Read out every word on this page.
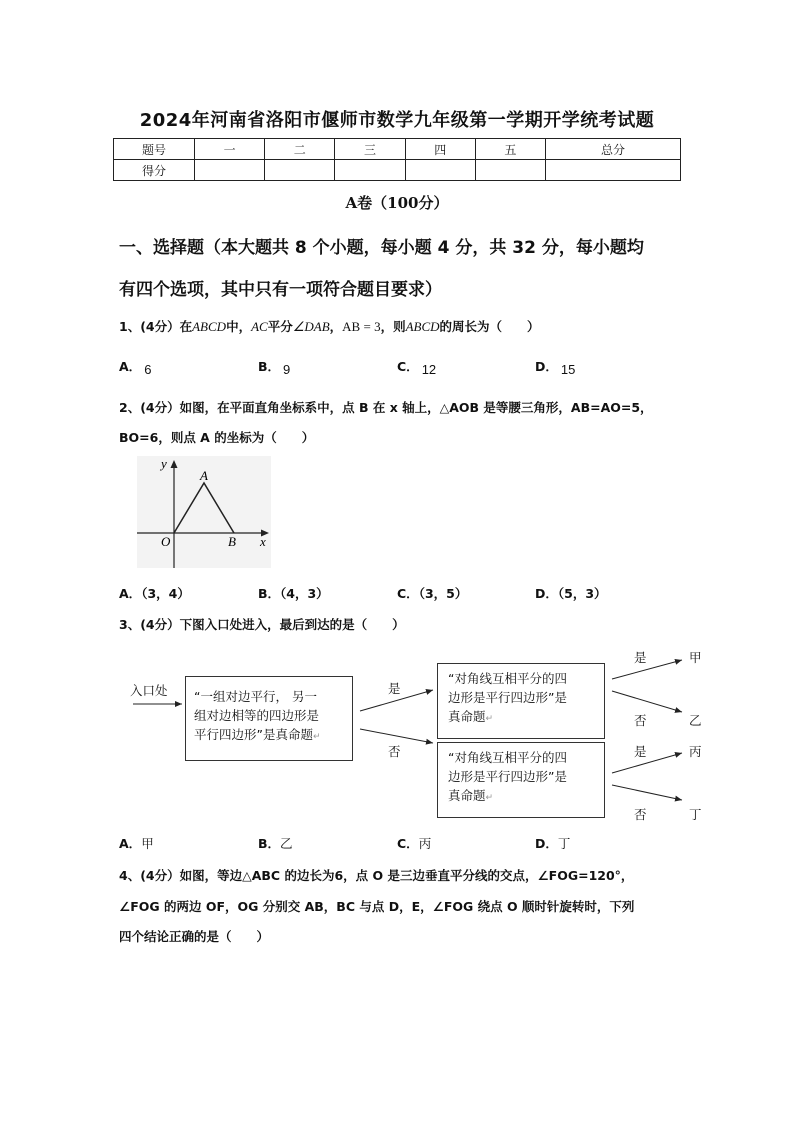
2024年河南省洛阳市偃师市数学九年级第一学期开学统考试题
题号	一	二	三	四	五	总分
得分						
A卷（100分）
一、选择题（本大题共 8 个小题，每小题 4 分，共 32 分，每小题均
有四个选项，其中只有一项符合题目要求）
1、(4分）在ABCD中，AC平分∠DAB，AB = 3，则ABCD的周长为（　　）
A． 6	B． 9	C． 12	D． 15
2、(4分）如图，在平面直角坐标系中，点 B 在 x 轴上，△AOB 是等腰三角形，AB=AO=5，
BO=6，则点 A 的坐标为（　　）
y
x
O
A
B
A．（3，4）	B．（4，3）	C．（3，5）	D．（5，3）
3、(4分）下图入口处进入，最后到达的是（　　）
入口处 “一组对边平行， 另一
组对边相等的四边形是
平行四边形”是真命题↵
“对角线互相平分的四
边形是平行四边形”是
真命题↵
“对角线互相平分的四
边形是平行四边形”是
真命题↵
是
否
是
否
是
否
甲
乙
丙
丁
A．甲	B．乙	C．丙	D．丁
4、(4分）如图，等边△ABC 的边长为6，点 O 是三边垂直平分线的交点，∠FOG=120°，
∠FOG 的两边 OF，OG 分别交 AB，BC 与点 D，E，∠FOG 绕点 O 顺时针旋转时，下列
四个结论正确的是（　　）
